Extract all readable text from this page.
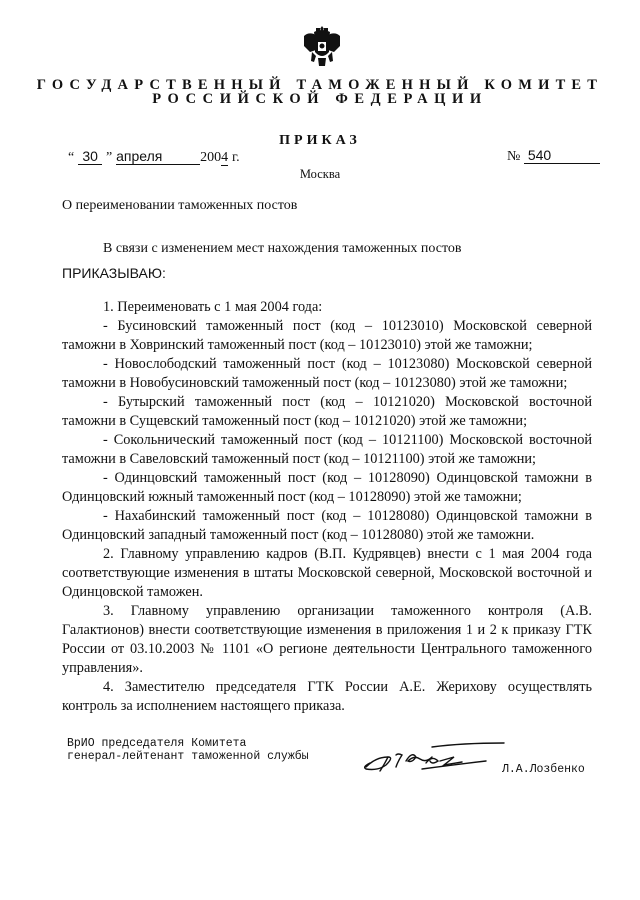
ГОСУДАРСТВЕННЫЙ ТАМОЖЕННЫЙ КОМИТЕТ
РОССИЙСКОЙ ФЕДЕРАЦИИ
ПРИКАЗ
“ 30 ” апреля	2004 г.	№ 540
Москва
О переименовании таможенных постов
В связи с изменением мест нахождения таможенных постов
ПРИКАЗЫВАЮ:

1. Переименовать с 1 мая 2004 года:

- Бусиновский таможенный пост (код – 10123010) Московской северной таможни в Ховринский таможенный пост (код – 10123010) этой же таможни;

- Новослободский таможенный пост (код – 10123080) Московской северной таможни в Новобусиновский таможенный пост (код – 10123080) этой же таможни;

- Бутырский таможенный пост (код – 10121020) Московской восточной таможни в Сущевский таможенный пост (код – 10121020) этой же таможни;

- Сокольнический таможенный пост (код – 10121100) Московской восточной таможни в Савеловский таможенный пост (код – 10121100) этой же таможни;

- Одинцовский таможенный пост (код – 10128090) Одинцовской таможни в Одинцовский южный таможенный пост (код – 10128090) этой же таможни;

- Нахабинский таможенный пост (код – 10128080) Одинцовской таможни в Одинцовский западный таможенный пост (код – 10128080) этой же таможни.

2. Главному управлению кадров (В.П. Кудрявцев) внести с 1 мая 2004 года соответствующие изменения в штаты Московской северной, Московской восточной и Одинцовской таможен.

3. Главному управлению организации таможенного контроля (А.В. Галактионов) внести соответствующие изменения в приложения 1 и 2 к приказу ГТК России от 03.10.2003 № 1101 «О регионе деятельности Центрального таможенного управления».

4. Заместителю председателя ГТК России А.Е. Жерихову осуществлять контроль за исполнением настоящего приказа.

ВрИО председателя Комитета
генерал-лейтенант таможенной службы
Л.А.Лозбенко
